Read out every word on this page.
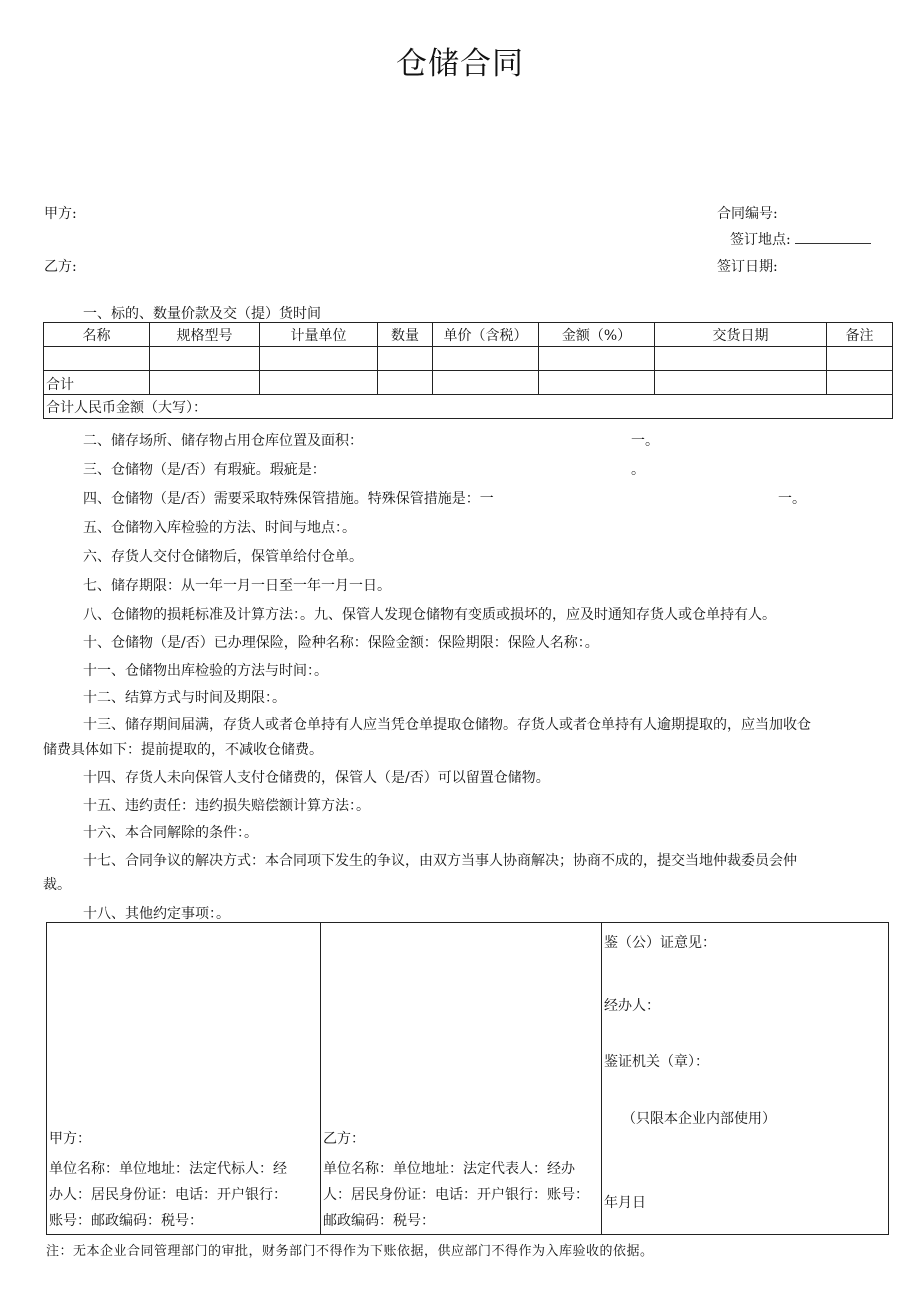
仓储合同
甲方:	合同编号:
签订地点:
乙方:	签订日期:
一、标的、数量价款及交（提）货时间
名称	规格型号	计量单位	数量	单价（含税）	金额（%）	交货日期	备注

合计							
合计人民币金额（大写）：							
二、储存场所、储存物占用仓库位置及面积：	一。
三、仓储物（是/否）有瑕疵。瑕疵是：	。
四、仓储物（是/否）需要采取特殊保管措施。特殊保管措施是：一	一。
五、仓储物入库检验的方法、时间与地点：。
六、存货人交付仓储物后，保管单给付仓单。
七、储存期限：从一年一月一日至一年一月一日。
八、仓储物的损耗标准及计算方法：。九、保管人发现仓储物有变质或损坏的，应及时通知存货人或仓单持有人。
十、仓储物（是/否）已办理保险，险种名称：保险金额：保险期限：保险人名称：。
十一、仓储物出库检验的方法与时间：。
十二、结算方式与时间及期限：。
十三、储存期间届满，存货人或者仓单持有人应当凭仓单提取仓储物。存货人或者仓单持有人逾期提取的，应当加收仓
储费具体如下：提前提取的，不减收仓储费。
十四、存货人未向保管人支付仓储费的，保管人（是/否）可以留置仓储物。
十五、违约责任：违约损失赔偿额计算方法：。
十六、本合同解除的条件：。
十七、合同争议的解决方式：本合同项下发生的争议，由双方当事人协商解决；协商不成的，提交当地仲裁委员会仲
裁。
十八、其他约定事项：。
甲方：
单位名称：单位地址：法定代标人：经
办人：居民身份证：电话：开户银行：
账号：邮政编码：税号：

乙方：
单位名称：单位地址：法定代表人：经办
人：居民身份证：电话：开户银行：账号：
邮政编码：税号：

鉴（公）证意见：
经办人：
鉴证机关（章）：
（只限本企业内部使用）
年月日
注：无本企业合同管理部门的审批，财务部门不得作为下账依据，供应部门不得作为入库验收的依据。
